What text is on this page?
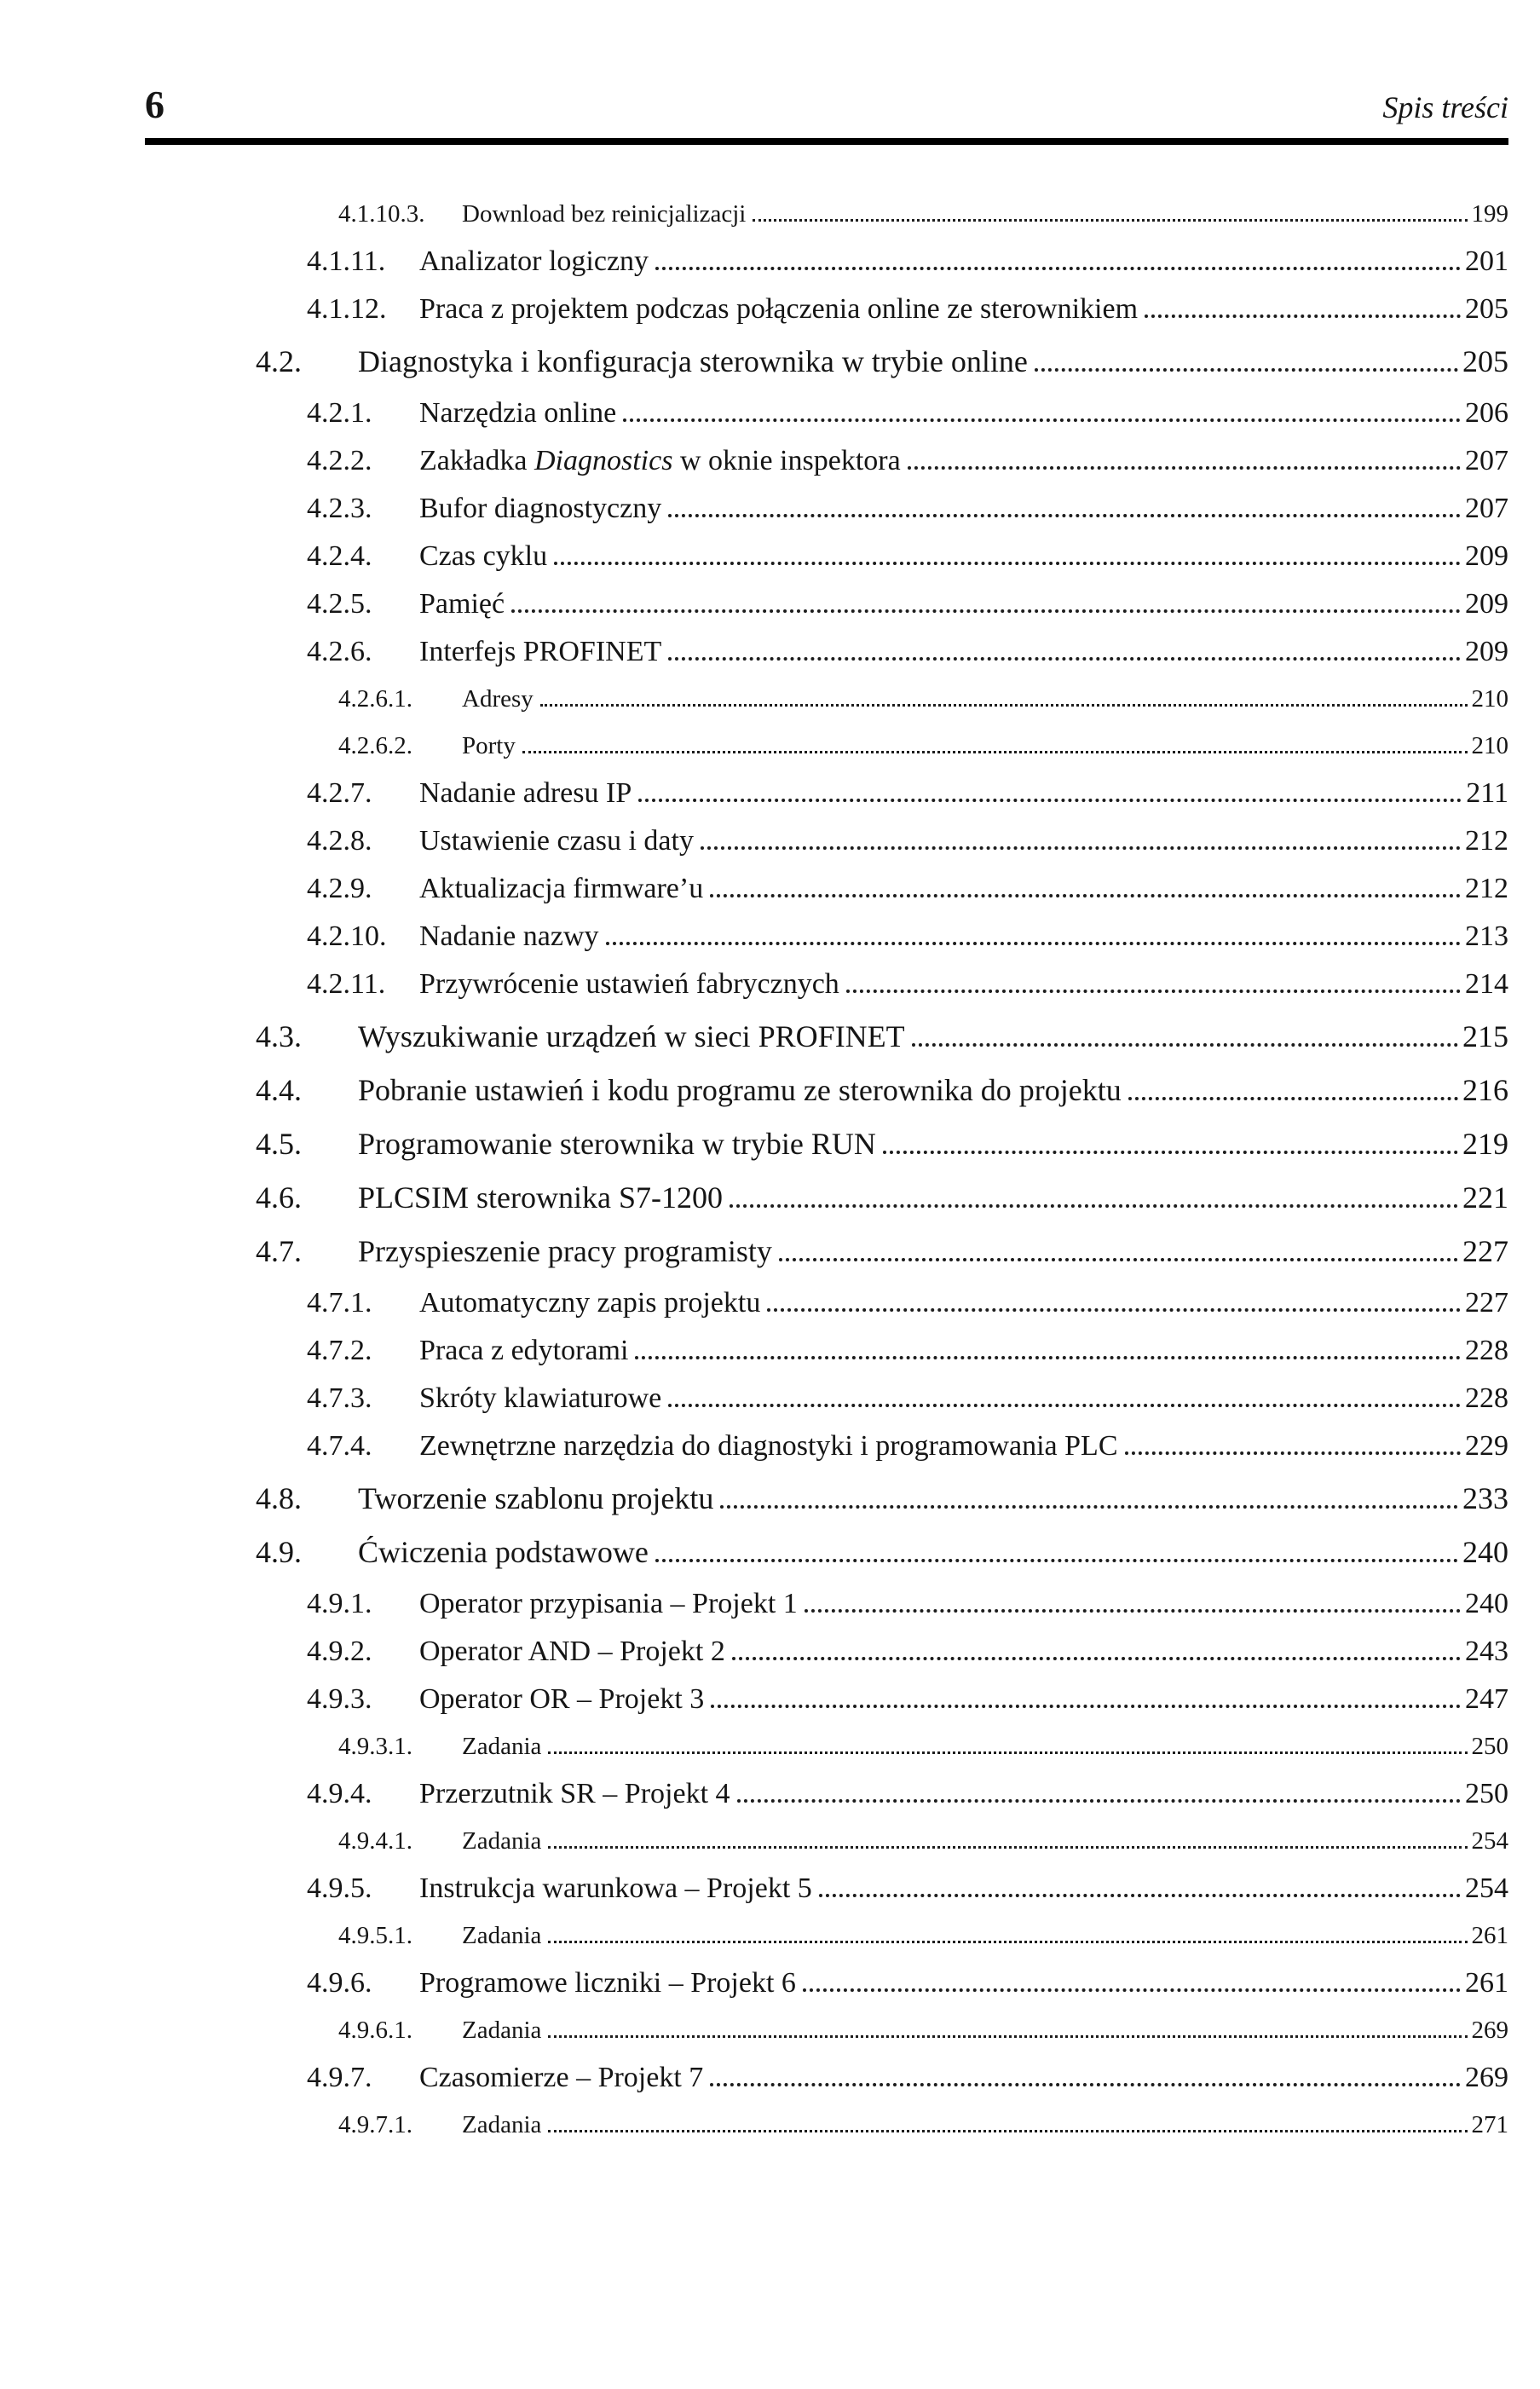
6	Spis treści
4.1.10.3.	Download bez reinicjalizacji	199
4.1.11.	Analizator logiczny	201
4.1.12.	Praca z projektem podczas połączenia online ze sterownikiem	205
4.2.	Diagnostyka i konfiguracja sterownika w trybie online	205
4.2.1.	Narzędzia online	206
4.2.2.	Zakładka Diagnostics w oknie inspektora	207
4.2.3.	Bufor diagnostyczny	207
4.2.4.	Czas cyklu	209
4.2.5.	Pamięć	209
4.2.6.	Interfejs PROFINET	209
4.2.6.1.	Adresy	210
4.2.6.2.	Porty	210
4.2.7.	Nadanie adresu IP	211
4.2.8.	Ustawienie czasu i daty	212
4.2.9.	Aktualizacja firmware’u	212
4.2.10.	Nadanie nazwy	213
4.2.11.	Przywrócenie ustawień fabrycznych	214
4.3.	Wyszukiwanie urządzeń w sieci PROFINET	215
4.4.	Pobranie ustawień i kodu programu ze sterownika do projektu	216
4.5.	Programowanie sterownika w trybie RUN	219
4.6.	PLCSIM sterownika S7-1200	221
4.7.	Przyspieszenie pracy programisty	227
4.7.1.	Automatyczny zapis projektu	227
4.7.2.	Praca z edytorami	228
4.7.3.	Skróty klawiaturowe	228
4.7.4.	Zewnętrzne narzędzia do diagnostyki i programowania PLC	229
4.8.	Tworzenie szablonu projektu	233
4.9.	Ćwiczenia podstawowe	240
4.9.1.	Operator przypisania – Projekt 1	240
4.9.2.	Operator AND – Projekt 2	243
4.9.3.	Operator OR – Projekt 3	247
4.9.3.1.	Zadania	250
4.9.4.	Przerzutnik SR – Projekt 4	250
4.9.4.1.	Zadania	254
4.9.5.	Instrukcja warunkowa – Projekt 5	254
4.9.5.1.	Zadania	261
4.9.6.	Programowe liczniki – Projekt 6	261
4.9.6.1.	Zadania	269
4.9.7.	Czasomierze – Projekt 7	269
4.9.7.1.	Zadania	271
